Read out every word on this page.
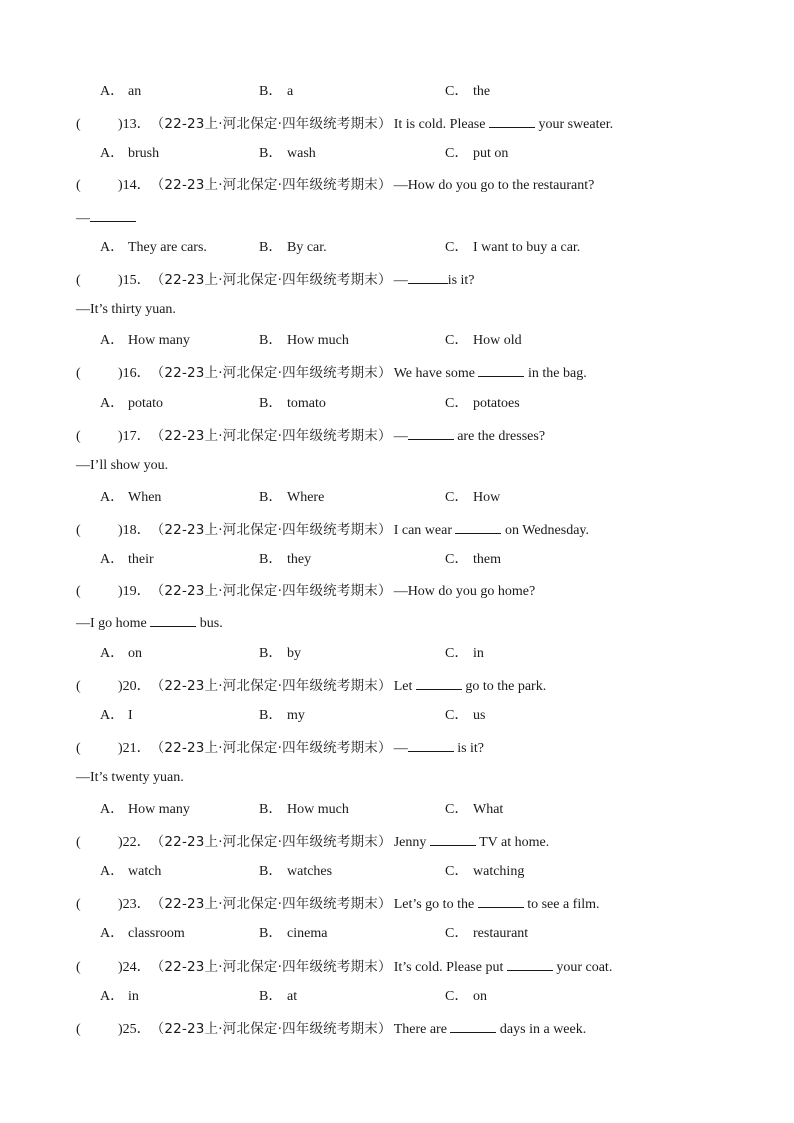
A． an	B． a	C． the
(	)13．（22-23上·河北保定·四年级统考期末） It is cold. Please	your sweater.
A． brush	B． wash	C． put on
(	)14．（22-23上·河北保定·四年级统考期末） —How do you go to the restaurant?
—
A． They are cars.	B． By car.	C． I want to buy a car.
(	)15．（22-23上·河北保定·四年级统考期末） —	is it?
—It’s thirty yuan.
A． How many	B． How much	C． How old
(	)16．（22-23上·河北保定·四年级统考期末） We have some	in the bag.
A． potato	B． tomato	C． potatoes
(	)17．（22-23上·河北保定·四年级统考期末） —	are the dresses?
—I’ll show you.
A． When	B． Where	C． How
(	)18．（22-23上·河北保定·四年级统考期末） I can wear	on Wednesday.
A． their	B． they	C． them
(	)19．（22-23上·河北保定·四年级统考期末） —How do you go home?
—I go home	bus.
A． on	B． by	C． in
(	)20．（22-23上·河北保定·四年级统考期末） Let	go to the park.
A． I	B． my	C． us
(	)21．（22-23上·河北保定·四年级统考期末） —	is it?
—It’s twenty yuan.
A． How many	B． How much	C． What
(	)22．（22-23上·河北保定·四年级统考期末） Jenny	TV at home.
A． watch	B． watches	C． watching
(	)23．（22-23上·河北保定·四年级统考期末） Let’s go to the	to see a film.
A． classroom	B． cinema	C． restaurant
(	)24．（22-23上·河北保定·四年级统考期末） It’s cold. Please put	your coat.
A． in	B． at	C． on
(	)25．（22-23上·河北保定·四年级统考期末） There are	days in a week.
